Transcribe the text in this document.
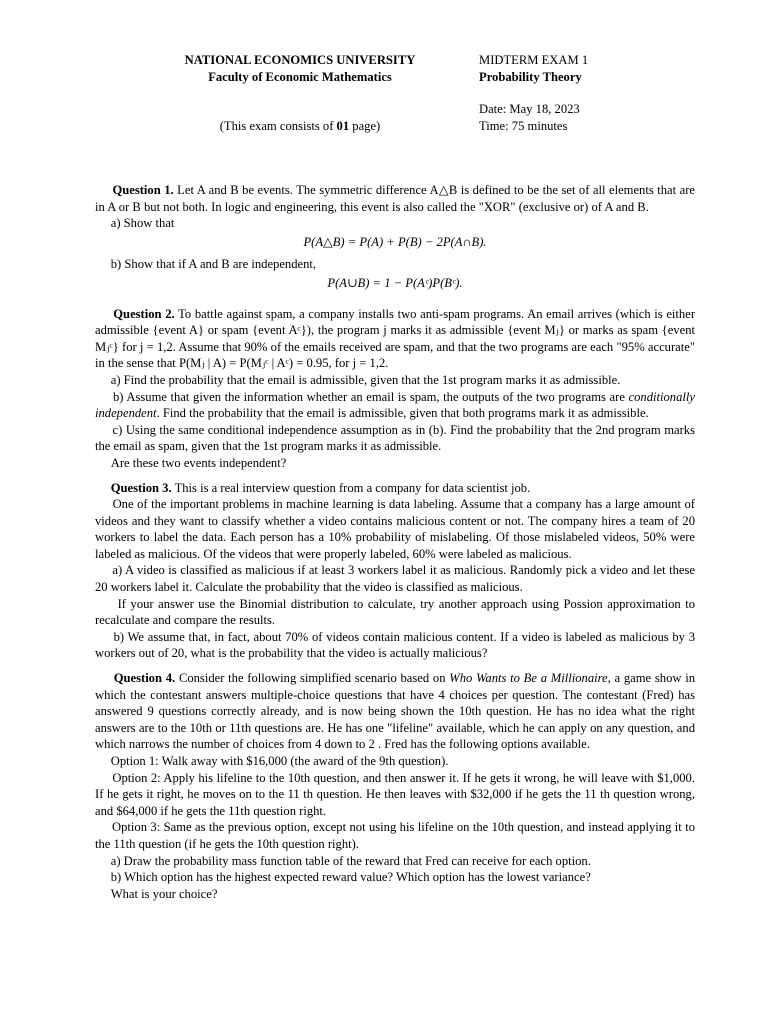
NATIONAL ECONOMICS UNIVERSITY
Faculty of Economic Mathematics
(This exam consists of 01 page)
MIDTERM EXAM 1
Probability Theory
Date: May 18, 2023
Time: 75 minutes

Question 1. Let A and B be events. The symmetric difference A△B is defined to be the set of all elements that are in A or B but not both. In logic and engineering, this event is also called the "XOR" (exclusive or) of A and B.

a) Show that

P(A△B) = P(A) + P(B) − 2P(A∩B).

b) Show that if A and B are independent,

P(A∪B) = 1 − P(Aᶜ)P(Bᶜ).

Question 2. To battle against spam, a company installs two anti-spam programs. An email arrives (which is either admissible {event A} or spam {event Aᶜ}), the program j marks it as admissible {event Mⱼ} or marks as spam {event Mⱼᶜ} for j = 1,2. Assume that 90% of the emails received are spam, and that the two programs are each "95% accurate" in the sense that P(Mⱼ | A) = P(Mⱼᶜ | Aᶜ) = 0.95, for j = 1,2.

a) Find the probability that the email is admissible, given that the 1st program marks it as admissible.

b) Assume that given the information whether an email is spam, the outputs of the two programs are conditionally independent. Find the probability that the email is admissible, given that both programs mark it as admissible.

c) Using the same conditional independence assumption as in (b). Find the probability that the 2nd program marks the email as spam, given that the 1st program marks it as admissible.

Are these two events independent?

Question 3. This is a real interview question from a company for data scientist job.

One of the important problems in machine learning is data labeling. Assume that a company has a large amount of videos and they want to classify whether a video contains malicious content or not. The company hires a team of 20 workers to label the data. Each person has a 10% probability of mislabeling. Of those mislabeled videos, 50% were labeled as malicious. Of the videos that were properly labeled, 60% were labeled as malicious.

a) A video is classified as malicious if at least 3 workers label it as malicious. Randomly pick a video and let these 20 workers label it. Calculate the probability that the video is classified as malicious.

If your answer use the Binomial distribution to calculate, try another approach using Possion approximation to recalculate and compare the results.

b) We assume that, in fact, about 70% of videos contain malicious content. If a video is labeled as malicious by 3 workers out of 20, what is the probability that the video is actually malicious?

Question 4. Consider the following simplified scenario based on Who Wants to Be a Millionaire, a game show in which the contestant answers multiple-choice questions that have 4 choices per question. The contestant (Fred) has answered 9 questions correctly already, and is now being shown the 10th question. He has no idea what the right answers are to the 10th or 11th questions are. He has one "lifeline" available, which he can apply on any question, and which narrows the number of choices from 4 down to 2 . Fred has the following options available.

Option 1: Walk away with $16,000 (the award of the 9th question).

Option 2: Apply his lifeline to the 10th question, and then answer it. If he gets it wrong, he will leave with $1,000. If he gets it right, he moves on to the 11 th question. He then leaves with $32,000 if he gets the 11 th question wrong, and $64,000 if he gets the 11th question right.

Option 3: Same as the previous option, except not using his lifeline on the 10th question, and instead applying it to the 11th question (if he gets the 10th question right).

a) Draw the probability mass function table of the reward that Fred can receive for each option.

b) Which option has the highest expected reward value? Which option has the lowest variance?

What is your choice?
